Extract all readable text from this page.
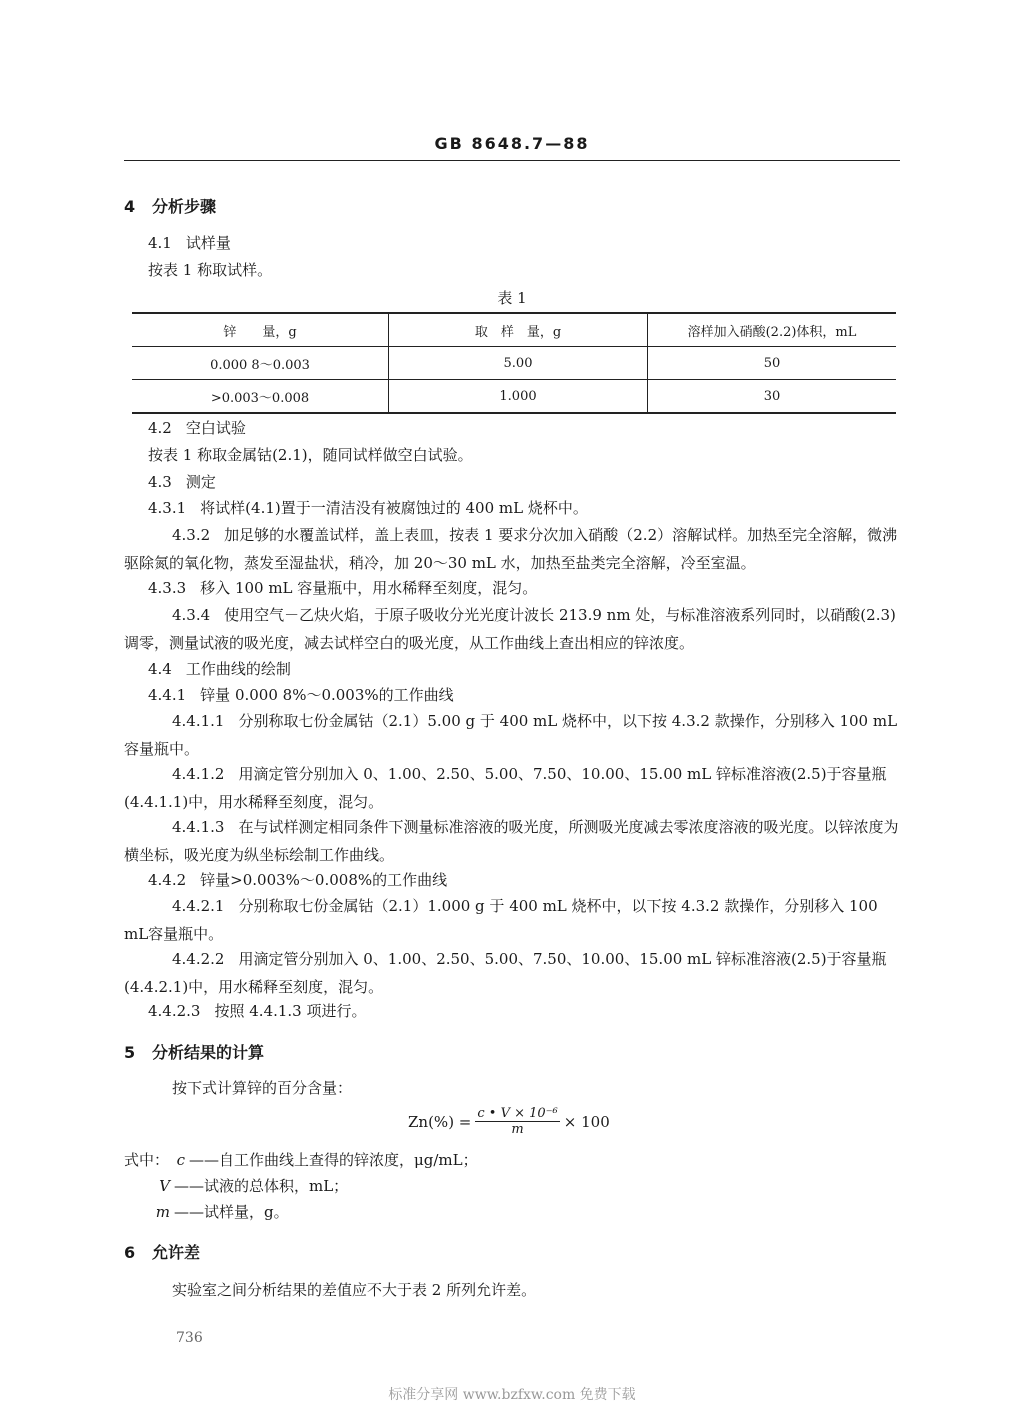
GB 8648.7—88
4 分析步骤
4.1 试样量
按表 1 称取试样。
表 1
锌　　量，g	取　样　量，g	溶样加入硝酸(2.2)体积，mL
0.000 8～0.003	5.00	50
>0.003～0.008	1.000	30
4.2 空白试验
按表 1 称取金属钴(2.1)，随同试样做空白试验。
4.3 测定
4.3.1 将试样(4.1)置于一清洁没有被腐蚀过的 400 mL 烧杯中。
4.3.2 加足够的水覆盖试样，盖上表皿，按表 1 要求分次加入硝酸（2.2）溶解试样。加热至完全溶解，微沸驱除氮的氧化物，蒸发至湿盐状，稍冷，加 20～30 mL 水，加热至盐类完全溶解，冷至室温。
4.3.3 移入 100 mL 容量瓶中，用水稀释至刻度，混匀。
4.3.4 使用空气－乙炔火焰，于原子吸收分光光度计波长 213.9 nm 处，与标准溶液系列同时，以硝酸(2.3)调零，测量试液的吸光度，减去试样空白的吸光度，从工作曲线上查出相应的锌浓度。
4.4 工作曲线的绘制
4.4.1 锌量 0.000 8%～0.003%的工作曲线
4.4.1.1 分别称取七份金属钴（2.1）5.00 g 于 400 mL 烧杯中，以下按 4.3.2 款操作，分别移入 100 mL容量瓶中。
4.4.1.2 用滴定管分别加入 0、1.00、2.50、5.00、7.50、10.00、15.00 mL 锌标准溶液(2.5)于容量瓶(4.4.1.1)中，用水稀释至刻度，混匀。
4.4.1.3 在与试样测定相同条件下测量标准溶液的吸光度，所测吸光度减去零浓度溶液的吸光度。以锌浓度为横坐标，吸光度为纵坐标绘制工作曲线。
4.4.2 锌量>0.003%～0.008%的工作曲线
4.4.2.1 分别称取七份金属钴（2.1）1.000 g 于 400 mL 烧杯中，以下按 4.3.2 款操作，分别移入 100 mL容量瓶中。
4.4.2.2 用滴定管分别加入 0、1.00、2.50、5.00、7.50、10.00、15.00 mL 锌标准溶液(2.5)于容量瓶(4.4.2.1)中，用水稀释至刻度，混匀。
4.4.2.3 按照 4.4.1.3 项进行。
5 分析结果的计算
按下式计算锌的百分含量：
$Zn(\%) = \frac{\text{c • V × 10⁻⁶}}{m} \times 100$
式中： c ——自工作曲线上查得的锌浓度，μg/mL；
V ——试液的总体积，mL；
m ——试样量，g。
6 允许差
实验室之间分析结果的差值应不大于表 2 所列允许差。
736
标准分享网 www.bzfxw.com 免费下载
